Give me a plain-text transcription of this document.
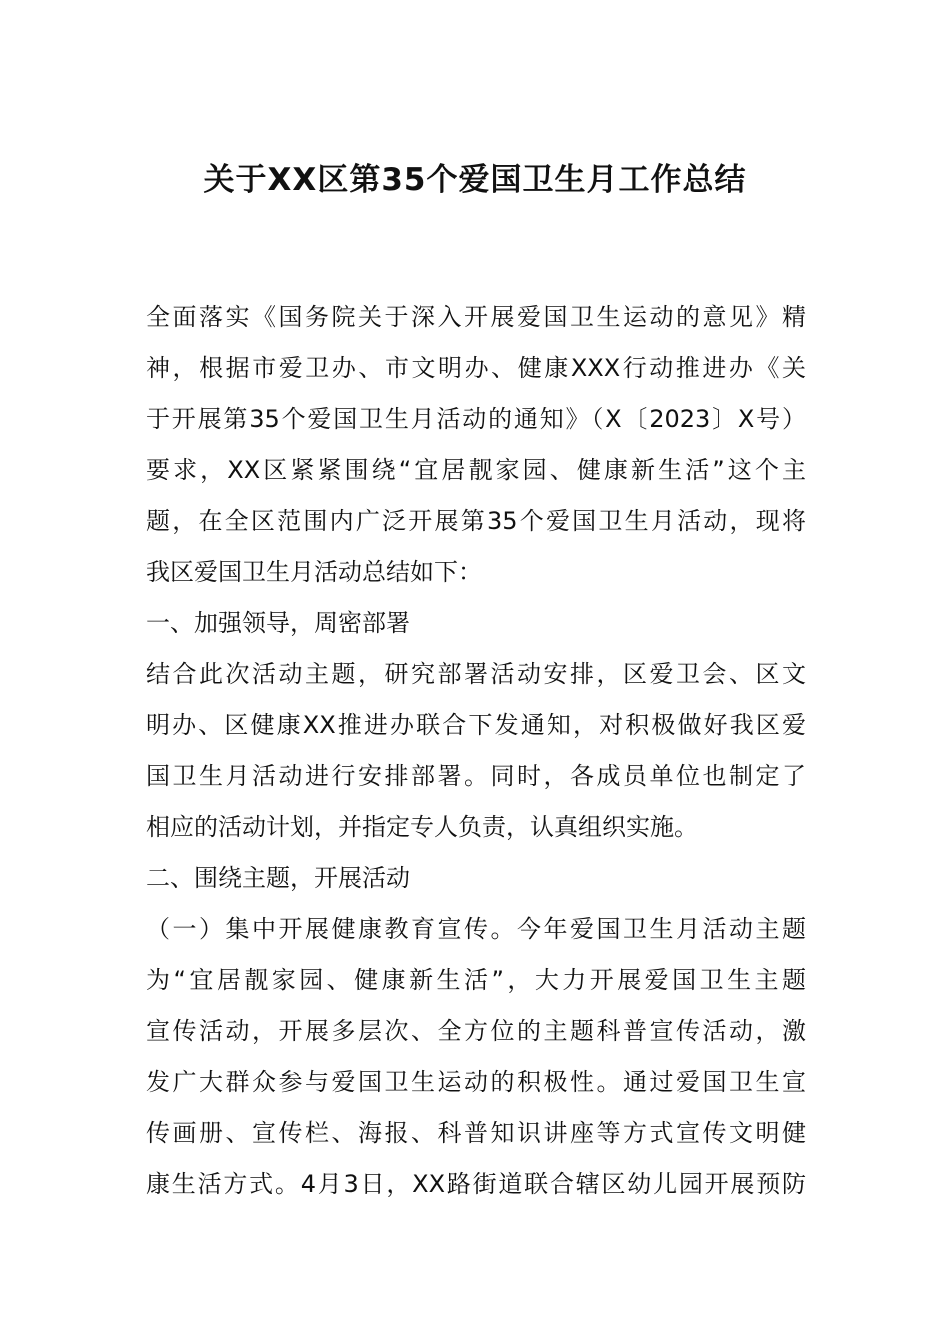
关于XX区第35个爱国卫生月工作总结
全面落实《国务院关于深入开展爱国卫生运动的意见》精
神，根据市爱卫办、市文明办、健康XXX行动推进办《关
于开展第35个爱国卫生月活动的通知》（X〔2023〕X号）
要求，XX区紧紧围绕“宜居靓家园、健康新生活”这个主
题，在全区范围内广泛开展第35个爱国卫生月活动，现将
我区爱国卫生月活动总结如下：
一、加强领导，周密部署
结合此次活动主题，研究部署活动安排，区爱卫会、区文
明办、区健康XX推进办联合下发通知，对积极做好我区爱
国卫生月活动进行安排部署。同时，各成员单位也制定了
相应的活动计划，并指定专人负责，认真组织实施。
二、围绕主题，开展活动
（一）集中开展健康教育宣传。今年爱国卫生月活动主题
为“宜居靓家园、健康新生活”，大力开展爱国卫生主题
宣传活动，开展多层次、全方位的主题科普宣传活动，激
发广大群众参与爱国卫生运动的积极性。通过爱国卫生宣
传画册、宣传栏、海报、科普知识讲座等方式宣传文明健
康生活方式。4月3日，XX路街道联合辖区幼儿园开展预防
